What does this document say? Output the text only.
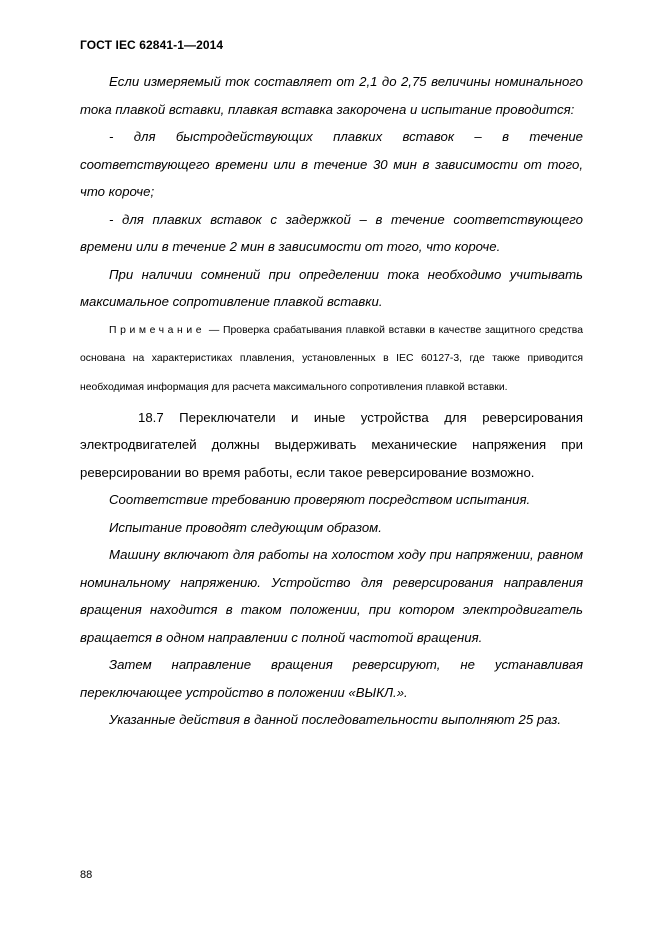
ГОСТ IEC 62841-1—2014

Если измеряемый ток составляет от 2,1 до 2,75 величины номинального тока плавкой вставки, плавкая вставка закорочена и испытание проводится:

- для быстродействующих плавких вставок – в течение соответствующего времени или в течение 30 мин в зависимости от того, что короче;

- для плавких вставок с задержкой – в течение соответствующего времени или в течение 2 мин в зависимости от того, что короче.

При наличии сомнений при определении тока необходимо учитывать максимальное сопротивление плавкой вставки.

Примечание — Проверка срабатывания плавкой вставки в качестве защитного средства основана на характеристиках плавления, установленных в IEC 60127-3, где также приводится необходимая информация для расчета максимального сопротивления плавкой вставки.

18.7 Переключатели и иные устройства для реверсирования электродвигателей должны выдерживать механические напряжения при реверсировании во время работы, если такое реверсирование возможно.

Соответствие требованию проверяют посредством испытания.

Испытание проводят следующим образом.

Машину включают для работы на холостом ходу при напряжении, равном номинальному напряжению. Устройство для реверсирования направления вращения находится в таком положении, при котором электродвигатель вращается в одном направлении с полной частотой вращения.

Затем направление вращения реверсируют, не устанавливая переключающее устройство в положении «ВЫКЛ.».

Указанные действия в данной последовательности выполняют 25 раз.

88
